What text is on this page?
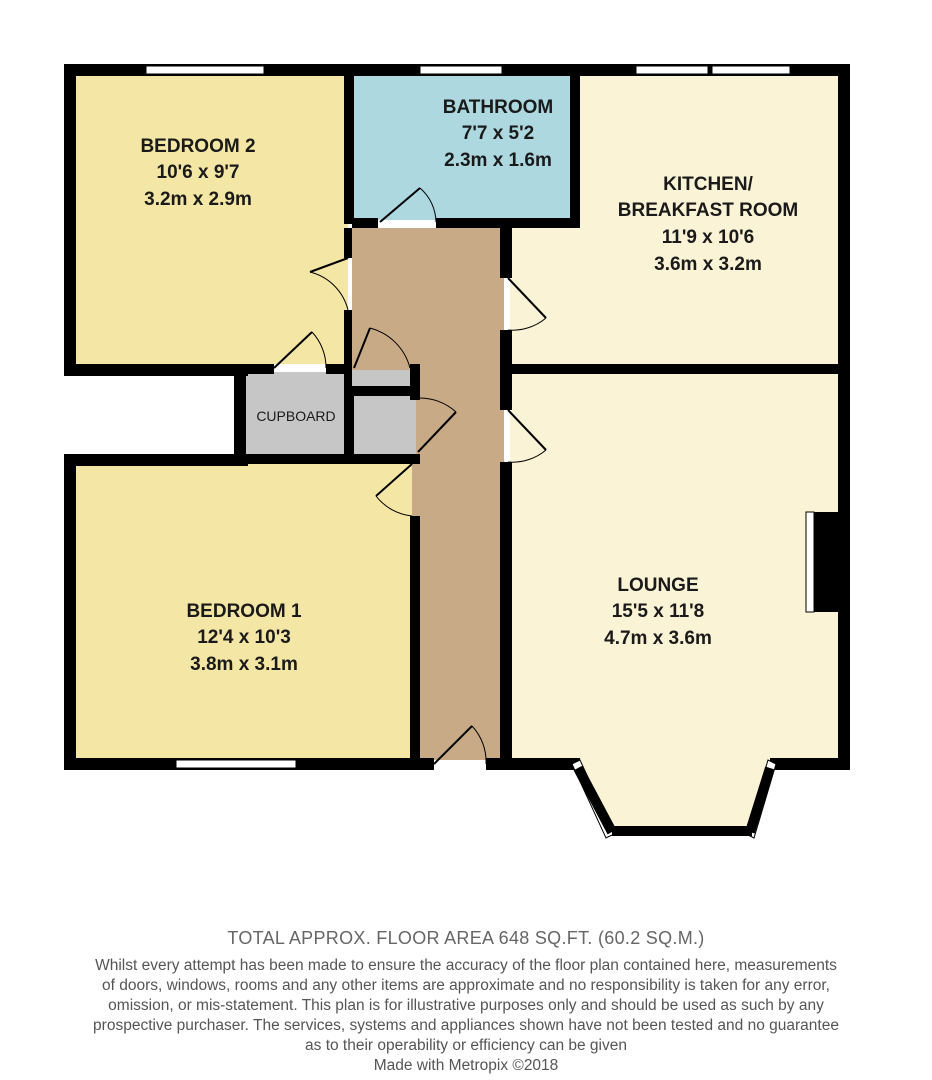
BEDROOM 2
10'6 x 9'7
3.2m x 2.9m
BATHROOM
7'7 x 5'2
2.3m x 1.6m
KITCHEN/
BREAKFAST ROOM
11'9 x 10'6
3.6m x 3.2m
CUPBOARD
BEDROOM 1
12'4 x 10'3
3.8m x 3.1m
LOUNGE
15'5 x 11'8
4.7m x 3.6m
TOTAL APPROX. FLOOR AREA 648 SQ.FT. (60.2 SQ.M.)
Whilst every attempt has been made to ensure the accuracy of the floor plan contained here, measurements
of doors, windows, rooms and any other items are approximate and no responsibility is taken for any error,
omission, or mis-statement. This plan is for illustrative purposes only and should be used as such by any
prospective purchaser. The services, systems and appliances shown have not been tested and no guarantee
as to their operability or efficiency can be given
Made with Metropix ©2018
